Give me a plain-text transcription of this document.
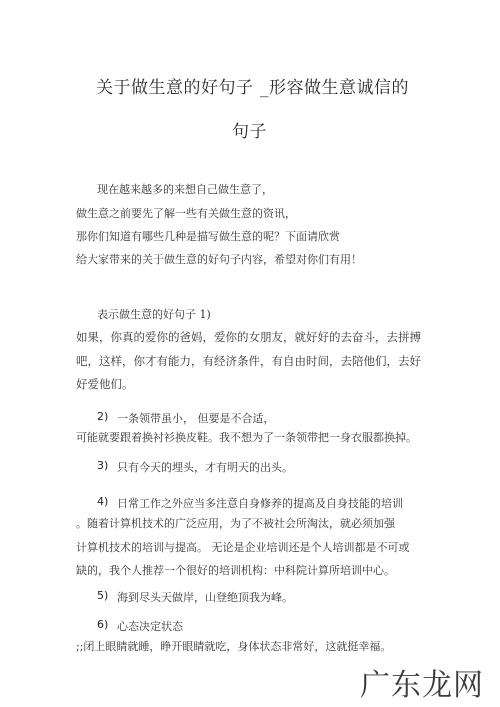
关于做生意的好句子 _形容做生意诚信的
句子
现在越来越多的来想自己做生意了，
做生意之前要先了解一些有关做生意的资讯，
那你们知道有哪些几种是描写做生意的呢？下面请欣赏
给大家带来的关于做生意的好句子内容，希望对你们有用！
表示做生意的好句子 1)
如果，你真的爱你的爸妈，爱你的女朋友，就好好的去奋斗，去拼搏
吧，这样，你才有能力，有经济条件，有自由时间，去陪他们，去好
好爱他们。
2) 一条领带虽小， 但要是不合适，
可能就要跟着换衬衫换皮鞋。我不想为了一条领带把一身衣服都换掉。
3) 只有今天的埋头，才有明天的出头。
4) 日常工作之外应当多注意自身修养的提高及自身技能的培训
。随着计算机技术的广泛应用，为了不被社会所淘汰，就必须加强
计算机技术的培训与提高。 无论是企业培训还是个人培训都是不可或
缺的，我个人推荐一个很好的培训机构：中科院计算所培训中心。
5) 海到尽头天做岸，山登绝顶我为峰。
6) 心态决定状态
;;闭上眼睛就睡，睁开眼睛就吃，身体状态非常好，这就挺幸福。
广东龙网
